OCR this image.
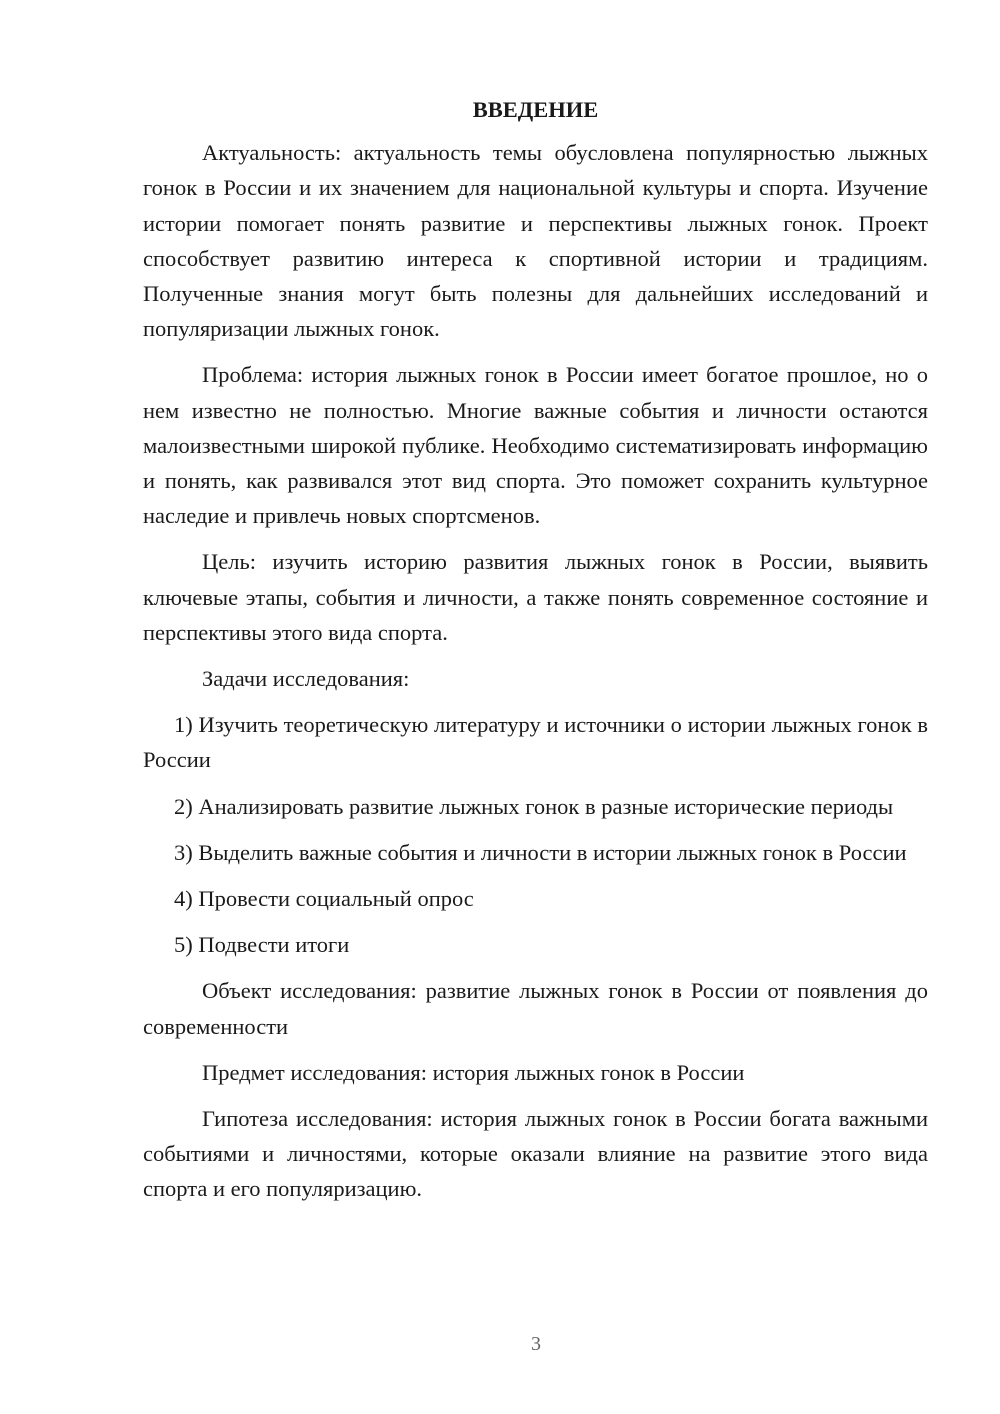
ВВЕДЕНИЕ
Актуальность: актуальность темы обусловлена популярностью лыжных гонок в России и их значением для национальной культуры и спорта. Изучение истории помогает понять развитие и перспективы лыжных гонок. Проект способствует развитию интереса к спортивной истории и традициям. Полученные знания могут быть полезны для дальнейших исследований и популяризации лыжных гонок.
Проблема: история лыжных гонок в России имеет богатое прошлое, но о нем известно не полностью. Многие важные события и личности остаются малоизвестными широкой публике. Необходимо систематизировать информацию и понять, как развивался этот вид спорта. Это поможет сохранить культурное наследие и привлечь новых спортсменов.
Цель: изучить историю развития лыжных гонок в России, выявить ключевые этапы, события и личности, а также понять современное состояние и перспективы этого вида спорта.
Задачи исследования:
1) Изучить теоретическую литературу и источники о истории лыжных гонок в России
2) Анализировать развитие лыжных гонок в разные исторические периоды
3) Выделить важные события и личности в истории лыжных гонок в России
4) Провести социальный опрос
5) Подвести итоги
Объект исследования: развитие лыжных гонок в России от появления до современности
Предмет исследования: история лыжных гонок в России
Гипотеза исследования: история лыжных гонок в России богата важными событиями и личностями, которые оказали влияние на развитие этого вида спорта и его популяризацию.
3
